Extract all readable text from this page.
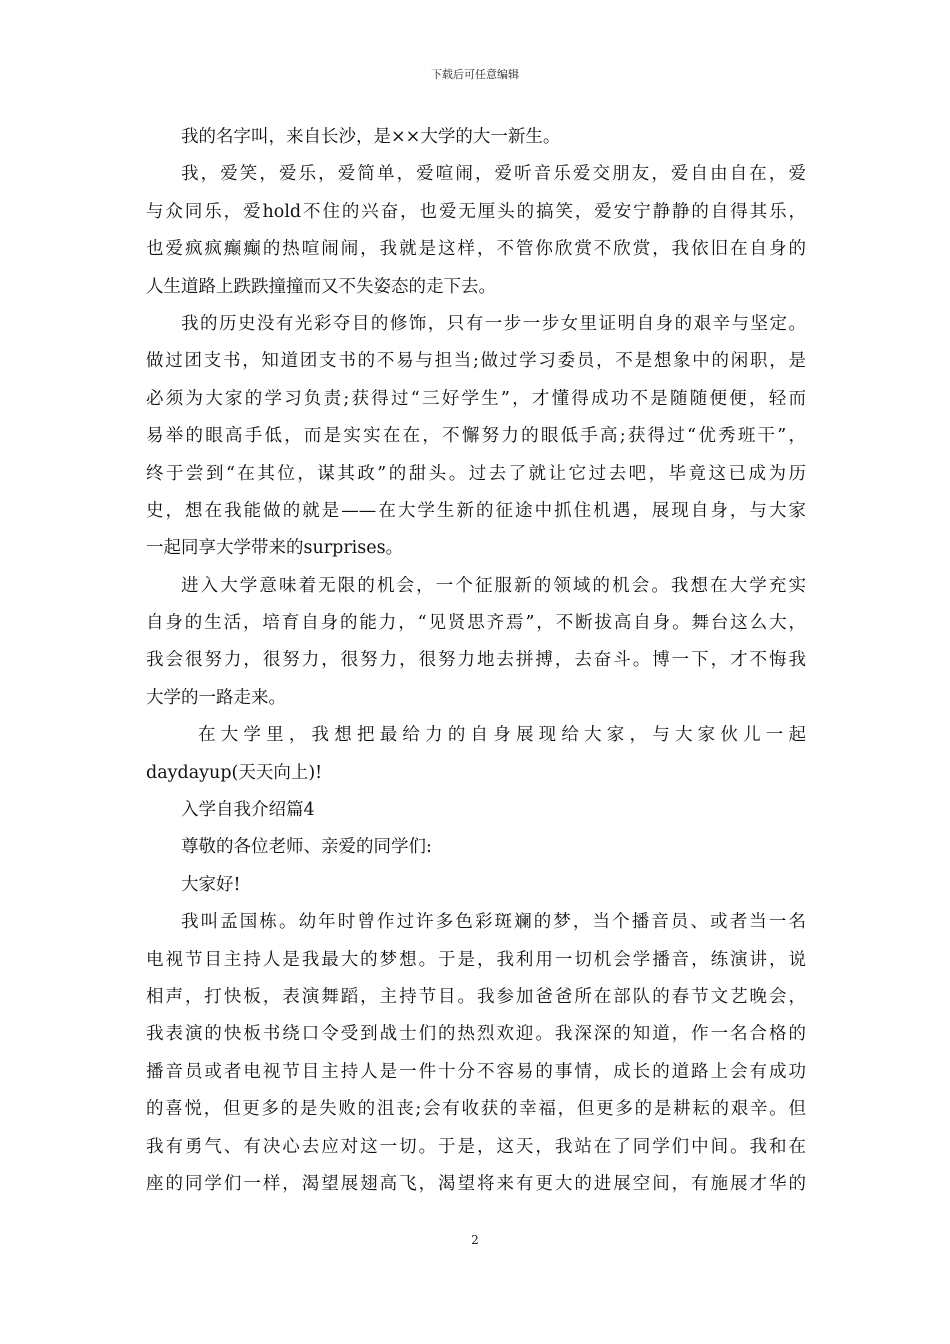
下载后可任意编辑
我的名字叫，来自长沙，是××大学的大一新生。
我，爱笑，爱乐，爱简单，爱喧闹，爱听音乐爱交朋友，爱自由自在，爱
与众同乐，爱hold不住的兴奋，也爱无厘头的搞笑，爱安宁静静的自得其乐，
也爱疯疯癫癫的热喧闹闹，我就是这样，不管你欣赏不欣赏，我依旧在自身的
人生道路上跌跌撞撞而又不失姿态的走下去。
我的历史没有光彩夺目的修饰，只有一步一步女里证明自身的艰辛与坚定。
做过团支书，知道团支书的不易与担当;做过学习委员，不是想象中的闲职，是
必须为大家的学习负责;获得过“三好学生”，才懂得成功不是随随便便，轻而
易举的眼高手低，而是实实在在，不懈努力的眼低手高;获得过“优秀班干”，
终于尝到“在其位，谋其政”的甜头。过去了就让它过去吧，毕竟这已成为历
史，想在我能做的就是——在大学生新的征途中抓住机遇，展现自身，与大家
一起同享大学带来的surprises。
进入大学意味着无限的机会，一个征服新的领域的机会。我想在大学充实
自身的生活，培育自身的能力，“见贤思齐焉”，不断拔高自身。舞台这么大，
我会很努力，很努力，很努力，很努力地去拼搏，去奋斗。博一下，才不悔我
大学的一路走来。
在大学里，我想把最给力的自身展现给大家，与大家伙儿一起
daydayup(天天向上)!
入学自我介绍篇4
尊敬的各位老师、亲爱的同学们:
大家好!
我叫孟国栋。幼年时曾作过许多色彩斑斓的梦，当个播音员、或者当一名
电视节目主持人是我最大的梦想。于是，我利用一切机会学播音，练演讲，说
相声，打快板，表演舞蹈，主持节目。我参加爸爸所在部队的春节文艺晚会，
我表演的快板书绕口令受到战士们的热烈欢迎。我深深的知道，作一名合格的
播音员或者电视节目主持人是一件十分不容易的事情，成长的道路上会有成功
的喜悦，但更多的是失败的沮丧;会有收获的幸福，但更多的是耕耘的艰辛。但
我有勇气、有决心去应对这一切。于是，这天，我站在了同学们中间。我和在
座的同学们一样，渴望展翅高飞，渴望将来有更大的进展空间，有施展才华的
2
